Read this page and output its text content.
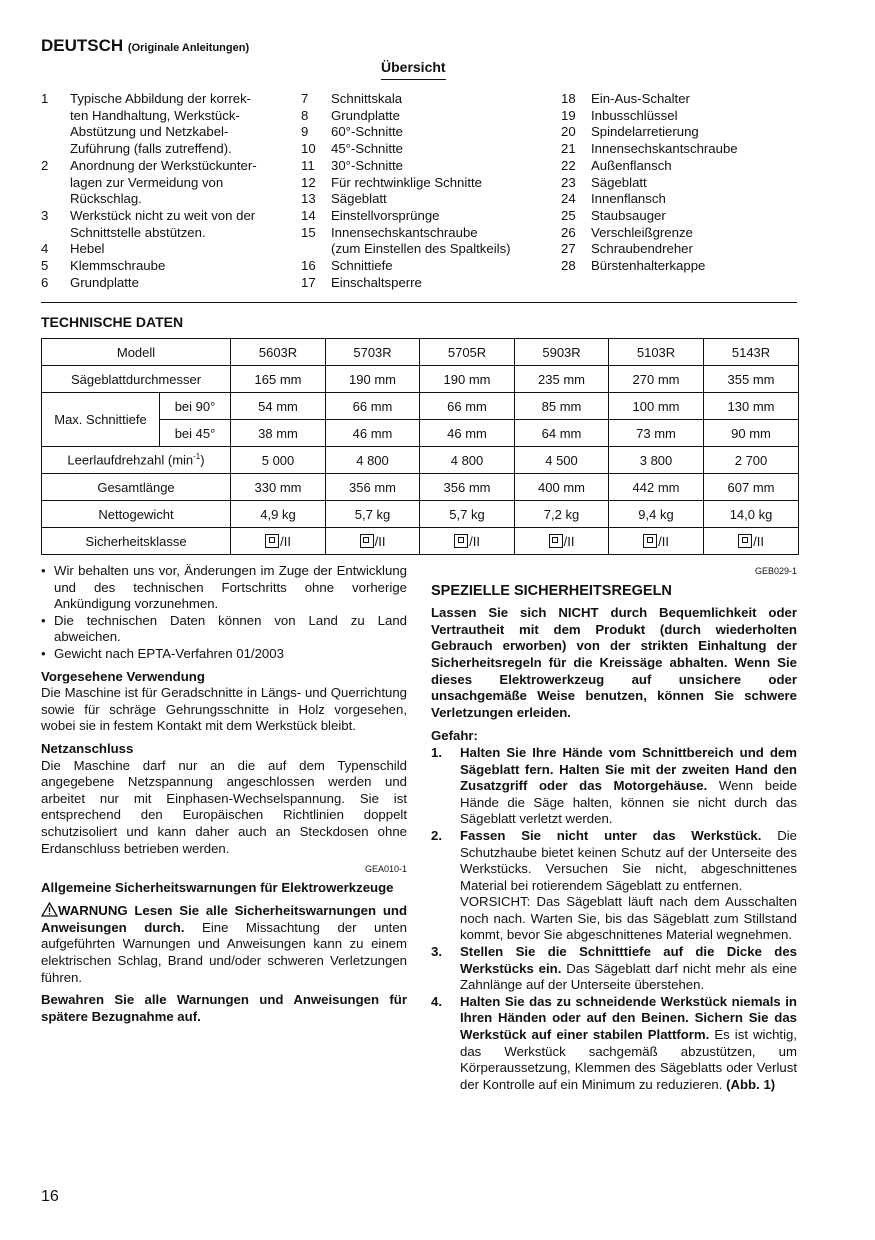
DEUTSCH (Originale Anleitungen)
Übersicht
1	Typische Abbildung der korrek-
ten Handhaltung, Werkstück-
Abstützung und Netzkabel-
Zuführung (falls zutreffend).
2	Anordnung der Werkstückunter-
lagen zur Vermeidung von
Rückschlag.
3	Werkstück nicht zu weit von der
Schnittstelle abstützen.
4	Hebel
5	Klemmschraube
6	Grundplatte
7	Schnittskala
8	Grundplatte
9	60°-Schnitte
10	45°-Schnitte
11	30°-Schnitte
12	Für rechtwinklige Schnitte
13	Sägeblatt
14	Einstellvorsprünge
15	Innensechskantschraube
(zum Einstellen des Spaltkeils)
16	Schnittiefe
17	Einschaltsperre
18	Ein-Aus-Schalter
19	Inbusschlüssel
20	Spindelarretierung
21	Innensechskantschraube
22	Außenflansch
23	Sägeblatt
24	Innenflansch
25	Staubsauger
26	Verschleißgrenze
27	Schraubendreher
28	Bürstenhalterkappe
TECHNISCHE DATEN
Modell		5603R	5703R	5705R	5903R	5103R	5143R
Sägeblattdurchmesser		165 mm	190 mm	190 mm	235 mm	270 mm	355 mm
Max. Schnittiefe	bei 90°	54 mm	66 mm	66 mm	85 mm	100 mm	130 mm
	bei 45°	38 mm	46 mm	46 mm	64 mm	73 mm	90 mm
Leerlaufdrehzahl $(\min^{-1})$		5 000	4 800	4 800	4 500	3 800	2 700
Gesamtlänge		330 mm	356 mm	356 mm	400 mm	442 mm	607 mm
Nettogewicht		4,9 kg	5,7 kg	5,7 kg	7,2 kg	9,4 kg	14,0 kg
Sicherheitsklasse		/II	/II	/II	/II	/II	/II
• Wir behalten uns vor, Änderungen im Zuge der Entwicklung und des technischen Fortschritts ohne vorherige Ankündigung vorzunehmen.
• Die technischen Daten können von Land zu Land abweichen.
• Gewicht nach EPTA-Verfahren 01/2003

Vorgesehene Verwendung

Die Maschine ist für Geradschnitte in Längs- und Querrichtung sowie für schräge Gehrungsschnitte in Holz vorgesehen, wobei sie in festem Kontakt mit dem Werkstück bleibt.

Netzanschluss

Die Maschine darf nur an die auf dem Typenschild angegebene Netzspannung angeschlossen werden und arbeitet nur mit Einphasen-Wechselspannung. Sie ist entsprechend den Europäischen Richtlinien doppelt schutzisoliert und kann daher auch an Steckdosen ohne Erdanschluss betrieben werden.

GEA010-1

Allgemeine Sicherheitswarnungen für Elektrowerkzeuge

WARNUNG Lesen Sie alle Sicherheitswarnungen und Anweisungen durch. Eine Missachtung der unten aufgeführten Warnungen und Anweisungen kann zu einem elektrischen Schlag, Brand und/oder schweren Verletzungen führen.

Bewahren Sie alle Warnungen und Anweisungen für spätere Bezugnahme auf.

GEB029-1

SPEZIELLE SICHERHEITSREGELN

Lassen Sie sich NICHT durch Bequemlichkeit oder Vertrautheit mit dem Produkt (durch wiederholten Gebrauch erworben) von der strikten Einhaltung der Sicherheitsregeln für die Kreissäge abhalten. Wenn Sie dieses Elektrowerkzeug auf unsichere oder unsachgemäße Weise benutzen, können Sie schwere Verletzungen erleiden.

Gefahr:

1.	Halten Sie Ihre Hände vom Schnittbereich und dem Sägeblatt fern. Halten Sie mit der zweiten Hand den Zusatzgriff oder das Motorgehäuse. Wenn beide Hände die Säge halten, können sie nicht durch das Sägeblatt verletzt werden.
2.	Fassen Sie nicht unter das Werkstück. Die Schutzhaube bietet keinen Schutz auf der Unterseite des Werkstücks. Versuchen Sie nicht, abgeschnittenes Material bei rotierendem Sägeblatt zu entfernen.
VORSICHT: Das Sägeblatt läuft nach dem Ausschalten noch nach. Warten Sie, bis das Sägeblatt zum Stillstand kommt, bevor Sie abgeschnittenes Material wegnehmen.
3.	Stellen Sie die Schnitttiefe auf die Dicke des Werkstücks ein. Das Sägeblatt darf nicht mehr als eine Zahnlänge auf der Unterseite überstehen.
4.	Halten Sie das zu schneidende Werkstück niemals in Ihren Händen oder auf den Beinen. Sichern Sie das Werkstück auf einer stabilen Plattform. Es ist wichtig, das Werkstück sachgemäß abzustützen, um Körperaussetzung, Klemmen des Sägeblatts oder Verlust der Kontrolle auf ein Minimum zu reduzieren. (Abb. 1)
16
